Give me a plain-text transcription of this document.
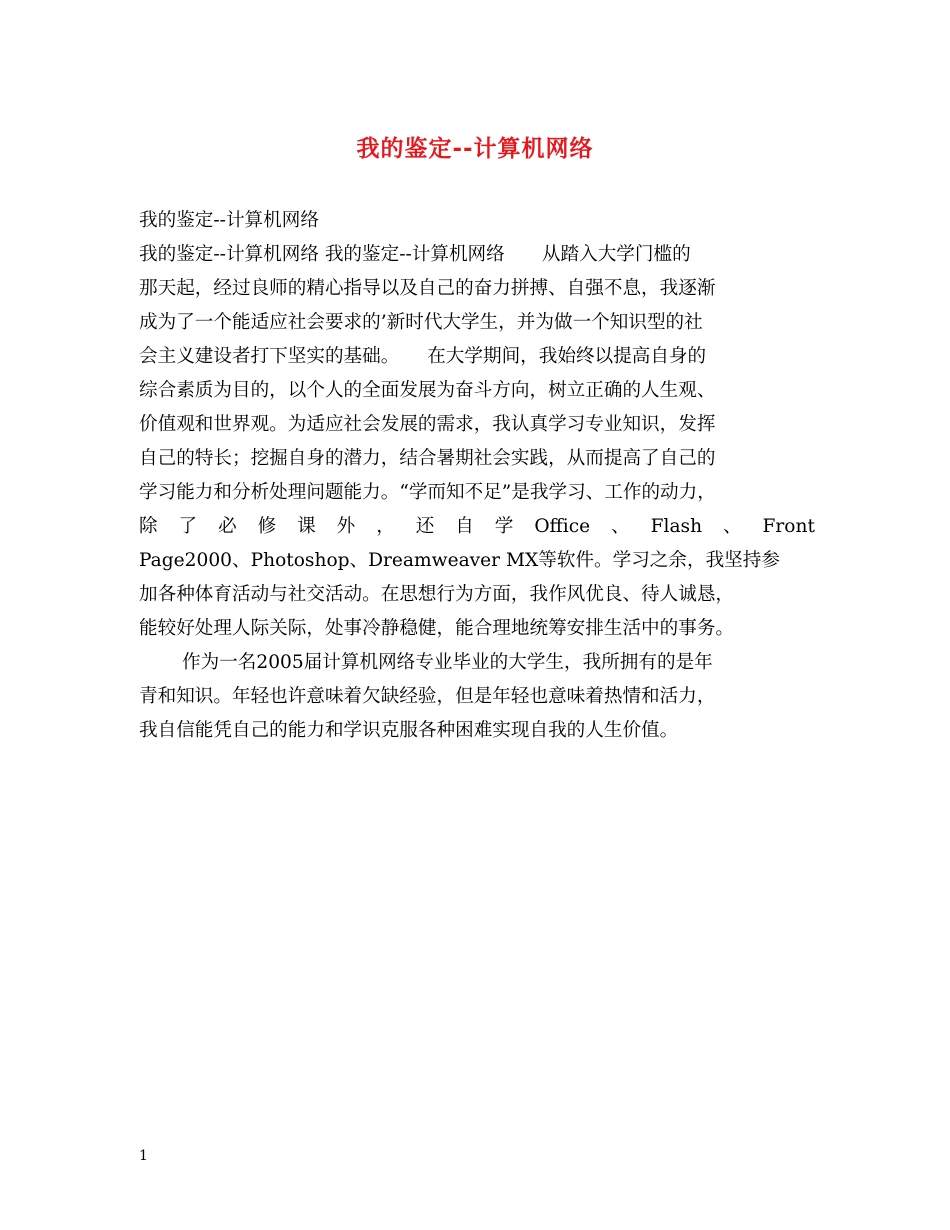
我的鉴定--计算机网络
我的鉴定--计算机网络
我的鉴定--计算机网络 我的鉴定--计算机网络　　从踏入大学门槛的
那天起，经过良师的精心指导以及自己的奋力拼搏、自强不息，我逐渐
成为了一个能适应社会要求的’新时代大学生，并为做一个知识型的社
会主义建设者打下坚实的基础。　　在大学期间，我始终以提高自身的
综合素质为目的，以个人的全面发展为奋斗方向，树立正确的人生观、
价值观和世界观。为适应社会发展的需求，我认真学习专业知识，发挥
自己的特长；挖掘自身的潜力，结合暑期社会实践，从而提高了自己的
学习能力和分析处理问题能力。“学而知不足”是我学习、工作的动力，
除 了 必 修 课 外 ， 还 自 学 Office 、 Flash 、 Front
Page2000、Photoshop、Dreamweaver MX等软件。学习之余，我坚持参
加各种体育活动与社交活动。在思想行为方面，我作风优良、待人诚恳，
能较好处理人际关际，处事冷静稳健，能合理地统筹安排生活中的事务。
作为一名2005届计算机网络专业毕业的大学生，我所拥有的是年
青和知识。年轻也许意味着欠缺经验，但是年轻也意味着热情和活力，
我自信能凭自己的能力和学识克服各种困难实现自我的人生价值。
1
